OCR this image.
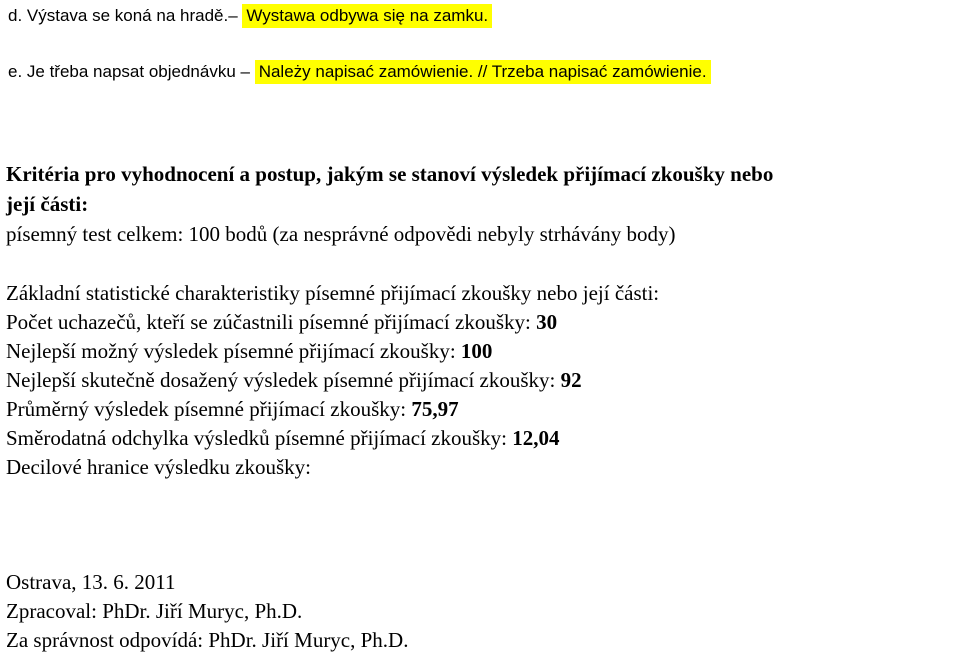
d. Výstava se koná na hradě.– Wystawa odbywa się na zamku.
e. Je třeba napsat objednávku – Należy napisać zamówienie. // Trzeba napisać zamówienie.
Kritéria pro vyhodnocení a postup, jakým se stanoví výsledek přijímací zkoušky nebo
její části:
písemný test celkem: 100 bodů (za nesprávné odpovědi nebyly strhávány body)
Základní statistické charakteristiky písemné přijímací zkoušky nebo její části:
Počet uchazečů, kteří se zúčastnili písemné přijímací zkoušky: 30
Nejlepší možný výsledek písemné přijímací zkoušky: 100
Nejlepší skutečně dosažený výsledek písemné přijímací zkoušky: 92
Průměrný výsledek písemné přijímací zkoušky: 75,97
Směrodatná odchylka výsledků písemné přijímací zkoušky: 12,04
Decilové hranice výsledku zkoušky:
Ostrava, 13. 6. 2011
Zpracoval: PhDr. Jiří Muryc, Ph.D.
Za správnost odpovídá: PhDr. Jiří Muryc, Ph.D.
